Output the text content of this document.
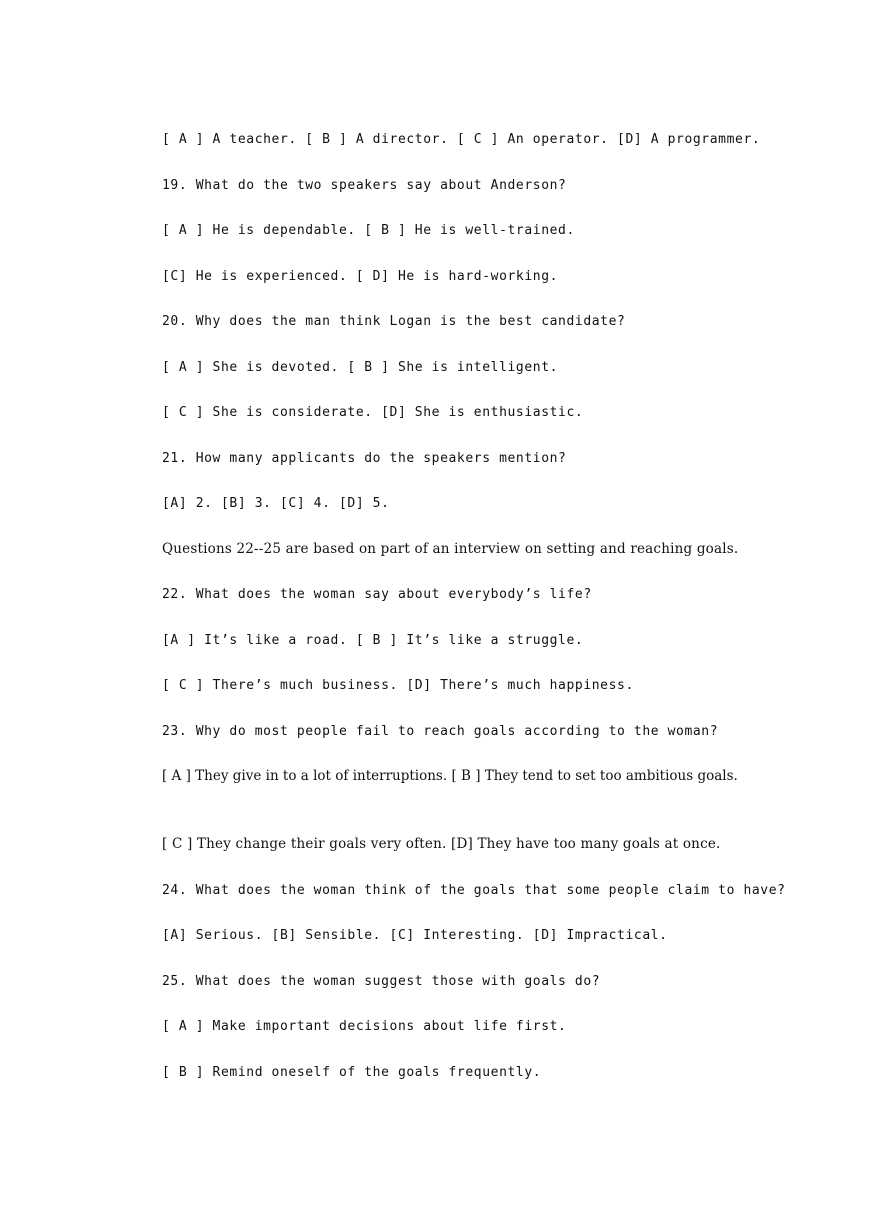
[ A ] A teacher. [ B ] A director. [ C ] An operator. [D] A programmer.
19. What do the two speakers say about Anderson?
[ A ] He is dependable. [ B ] He is well-trained.
[C] He is experienced. [ D] He is hard-working.
20. Why does the man think Logan is the best candidate?
[ A ] She is devoted. [ B ] She is intelligent.
[ C ] She is considerate. [D] She is enthusiastic.
21. How many applicants do the speakers mention?
[A] 2. [B] 3. [C] 4. [D] 5.
Questions 22--25 are based on part of an interview on setting and reaching goals.
22. What does the woman say about everybody’s life?
[A ] It’s like a road. [ B ] It’s like a struggle.
[ C ] There’s much business. [D] There’s much happiness.
23. Why do most people fail to reach goals according to the woman?
[ A ] They give in to a lot of interruptions. [ B ] They tend to set too ambitious goals.
[ C ] They change their goals very often. [D] They have too many goals at once.
24. What does the woman think of the goals that some people claim to have?
[A] Serious. [B] Sensible. [C] Interesting. [D] Impractical.
25. What does the woman suggest those with goals do?
[ A ] Make important decisions about life first.
[ B ] Remind oneself of the goals frequently.
